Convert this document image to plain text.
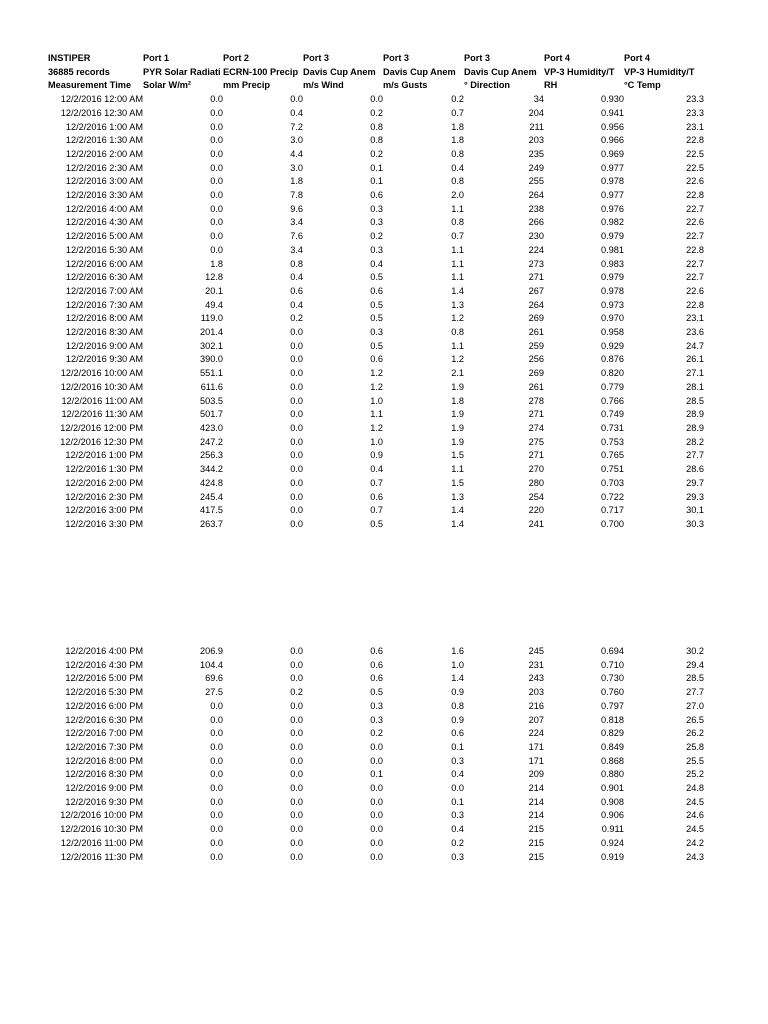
INSTIPER	Port 1	Port 2	Port 3	Port 3	Port 3	Port 4	Port 4
36885 records	PYR Solar Radiati	ECRN-100 Precip	Davis Cup Anem	Davis Cup Anem	Davis Cup Anem	VP-3 Humidity/T	VP-3 Humidity/T
Measurement Time	Solar W/m²	mm Precip	m/s Wind	m/s Gusts	° Direction	RH	°C Temp
12/2/2016 12:00 AM	0.0	0.0	0.0	0.2	34	0.930	23.3
12/2/2016 12:30 AM	0.0	0.4	0.2	0.7	204	0.941	23.3
12/2/2016 1:00 AM	0.0	7.2	0.8	1.8	211	0.956	23.1
12/2/2016 1:30 AM	0.0	3.0	0.8	1.8	203	0.966	22.8
12/2/2016 2:00 AM	0.0	4.4	0.2	0.8	235	0.969	22.5
12/2/2016 2:30 AM	0.0	3.0	0.1	0.4	249	0.977	22.5
12/2/2016 3:00 AM	0.0	1.8	0.1	0.8	255	0.978	22.6
12/2/2016 3:30 AM	0.0	7.8	0.6	2.0	264	0.977	22.8
12/2/2016 4:00 AM	0.0	9.6	0.3	1.1	238	0.976	22.7
12/2/2016 4:30 AM	0.0	3.4	0.3	0.8	266	0.982	22.6
12/2/2016 5:00 AM	0.0	7.6	0.2	0.7	230	0.979	22.7
12/2/2016 5:30 AM	0.0	3.4	0.3	1.1	224	0.981	22.8
12/2/2016 6:00 AM	1.8	0.8	0.4	1.1	273	0.983	22.7
12/2/2016 6:30 AM	12.8	0.4	0.5	1.1	271	0.979	22.7
12/2/2016 7:00 AM	20.1	0.6	0.6	1.4	267	0.978	22.6
12/2/2016 7:30 AM	49.4	0.4	0.5	1.3	264	0.973	22.8
12/2/2016 8:00 AM	119.0	0.2	0.5	1.2	269	0.970	23.1
12/2/2016 8:30 AM	201.4	0.0	0.3	0.8	261	0.958	23.6
12/2/2016 9:00 AM	302.1	0.0	0.5	1.1	259	0.929	24.7
12/2/2016 9:30 AM	390.0	0.0	0.6	1.2	256	0.876	26.1
12/2/2016 10:00 AM	551.1	0.0	1.2	2.1	269	0.820	27.1
12/2/2016 10:30 AM	611.6	0.0	1.2	1.9	261	0.779	28.1
12/2/2016 11:00 AM	503.5	0.0	1.0	1.8	278	0.766	28.5
12/2/2016 11:30 AM	501.7	0.0	1.1	1.9	271	0.749	28.9
12/2/2016 12:00 PM	423.0	0.0	1.2	1.9	274	0.731	28.9
12/2/2016 12:30 PM	247.2	0.0	1.0	1.9	275	0.753	28.2
12/2/2016 1:00 PM	256.3	0.0	0.9	1.5	271	0.765	27.7
12/2/2016 1:30 PM	344.2	0.0	0.4	1.1	270	0.751	28.6
12/2/2016 2:00 PM	424.8	0.0	0.7	1.5	280	0.703	29.7
12/2/2016 2:30 PM	245.4	0.0	0.6	1.3	254	0.722	29.3
12/2/2016 3:00 PM	417.5	0.0	0.7	1.4	220	0.717	30.1
12/2/2016 3:30 PM	263.7	0.0	0.5	1.4	241	0.700	30.3
12/2/2016 4:00 PM	206.9	0.0	0.6	1.6	245	0.694	30.2
12/2/2016 4:30 PM	104.4	0.0	0.6	1.0	231	0.710	29.4
12/2/2016 5:00 PM	69.6	0.0	0.6	1.4	243	0.730	28.5
12/2/2016 5:30 PM	27.5	0.2	0.5	0.9	203	0.760	27.7
12/2/2016 6:00 PM	0.0	0.0	0.3	0.8	216	0.797	27.0
12/2/2016 6:30 PM	0.0	0.0	0.3	0.9	207	0.818	26.5
12/2/2016 7:00 PM	0.0	0.0	0.2	0.6	224	0.829	26.2
12/2/2016 7:30 PM	0.0	0.0	0.0	0.1	171	0.849	25.8
12/2/2016 8:00 PM	0.0	0.0	0.0	0.3	171	0.868	25.5
12/2/2016 8:30 PM	0.0	0.0	0.1	0.4	209	0.880	25.2
12/2/2016 9:00 PM	0.0	0.0	0.0	0.0	214	0.901	24.8
12/2/2016 9:30 PM	0.0	0.0	0.0	0.1	214	0.908	24.5
12/2/2016 10:00 PM	0.0	0.0	0.0	0.3	214	0.906	24.6
12/2/2016 10:30 PM	0.0	0.0	0.0	0.4	215	0.911	24.5
12/2/2016 11:00 PM	0.0	0.0	0.0	0.2	215	0.924	24.2
12/2/2016 11:30 PM	0.0	0.0	0.0	0.3	215	0.919	24.3
